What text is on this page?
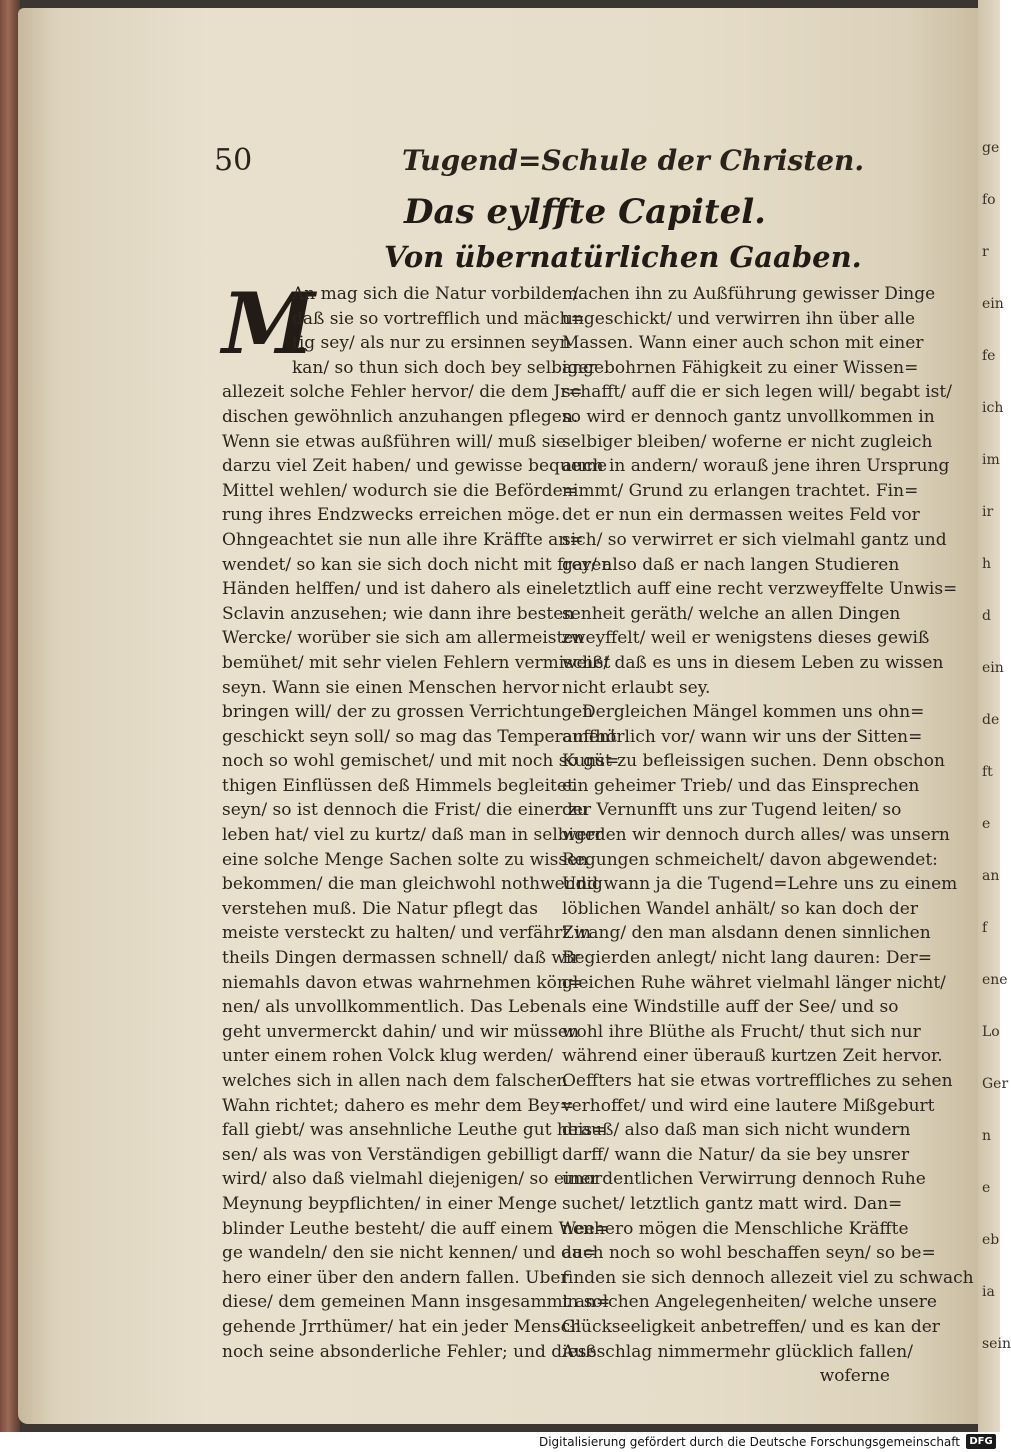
ge
fo
r
ein
fe
ich
im
ir
h
d
ein
de
ft
e
an
f
ene
Lo
Ger
n
e
eb
ia
sein
50	Tugend=Schule der Christen.
Das eylffte Capitel.
Von übernatürlichen Gaaben.
M
An mag sich die Natur vorbilden/
daß sie so vortrefflich und mäch=
tig sey/ als nur zu ersinnen seyn
kan/ so thun sich doch bey selbiger
allezeit solche Fehler hervor/ die dem Jr=
dischen gewöhnlich anzuhangen pflegen.
Wenn sie etwas außführen will/ muß sie
darzu viel Zeit haben/ und gewisse bequeme
Mittel wehlen/ wodurch sie die Beförde=
rung ihres Endzwecks erreichen möge.
Ohngeachtet sie nun alle ihre Kräffte an=
wendet/ so kan sie sich doch nicht mit freyen
Händen helffen/ und ist dahero als eine
Sclavin anzusehen; wie dann ihre besten
Wercke/ worüber sie sich am allermeisten
bemühet/ mit sehr vielen Fehlern vermischet
seyn. Wann sie einen Menschen hervor
bringen will/ der zu grossen Verrichtungen
geschickt seyn soll/ so mag das Temperament
noch so wohl gemischet/ und mit noch so gü=
thigen Einflüssen deß Himmels begleitet
seyn/ so ist dennoch die Frist/ die einer zu
leben hat/ viel zu kurtz/ daß man in selbiger
eine solche Menge Sachen solte zu wissen
bekommen/ die man gleichwohl nothwendig
verstehen muß. Die Natur pflegt das
meiste versteckt zu halten/ und verfährt in
theils Dingen dermassen schnell/ daß wir
niemahls davon etwas wahrnehmen kön=
nen/ als unvollkommentlich. Das Leben
geht unvermerckt dahin/ und wir müssen
unter einem rohen Volck klug werden/
welches sich in allen nach dem falschen
Wahn richtet; dahero es mehr dem Bey=
fall giebt/ was ansehnliche Leuthe gut heis=
sen/ als was von Verständigen gebilligt
wird/ also daß vielmahl diejenigen/ so einer
Meynung beypflichten/ in einer Menge
blinder Leuthe besteht/ die auff einem Wee=
ge wandeln/ den sie nicht kennen/ und da=
hero einer über den andern fallen. Uber
diese/ dem gemeinen Mann insgesammt an=
gehende Jrrthümer/ hat ein jeder Mensch
noch seine absonderliche Fehler; und diese
machen ihn zu Außführung gewisser Dinge
ungeschickt/ und verwirren ihn über alle
Massen. Wann einer auch schon mit einer
angebohrnen Fähigkeit zu einer Wissen=
schafft/ auff die er sich legen will/ begabt ist/
so wird er dennoch gantz unvollkommen in
selbiger bleiben/ woferne er nicht zugleich
auch in andern/ worauß jene ihren Ursprung
nimmt/ Grund zu erlangen trachtet. Fin=
det er nun ein dermassen weites Feld vor
sich/ so verwirret er sich vielmahl gantz und
gar/ also daß er nach langen Studieren
letztlich auff eine recht verzweyffelte Unwis=
senheit geräth/ welche an allen Dingen
zweyffelt/ weil er wenigstens dieses gewiß
weiß/ daß es uns in diesem Leben zu wissen
nicht erlaubt sey.
Dergleichen Mängel kommen uns ohn=
auffhörlich vor/ wann wir uns der Sitten=
Kunst zu befleissigen suchen. Denn obschon
ein geheimer Trieb/ und das Einsprechen
der Vernunfft uns zur Tugend leiten/ so
werden wir dennoch durch alles/ was unsern
Regungen schmeichelt/ davon abgewendet:
Und wann ja die Tugend=Lehre uns zu einem
löblichen Wandel anhält/ so kan doch der
Zwang/ den man alsdann denen sinnlichen
Begierden anlegt/ nicht lang dauren: Der=
gleichen Ruhe währet vielmahl länger nicht/
als eine Windstille auff der See/ und so
wohl ihre Blüthe als Frucht/ thut sich nur
während einer überauß kurtzen Zeit hervor.
Oeffters hat sie etwas vortreffliches zu sehen
verhoffet/ und wird eine lautere Mißgeburt
drauß/ also daß man sich nicht wundern
darff/ wann die Natur/ da sie bey unsrer
unordentlichen Verwirrung dennoch Ruhe
suchet/ letztlich gantz matt wird. Dan=
nenhero mögen die Menschliche Kräffte
auch noch so wohl beschaffen seyn/ so be=
finden sie sich dennoch allezeit viel zu schwach
in solchen Angelegenheiten/ welche unsere
Glückseeligkeit anbetreffen/ und es kan der
Außschlag nimmermehr glücklich fallen/
woferne
Digitalisierung gefördert durch die Deutsche Forschungsgemeinschaft DFG
